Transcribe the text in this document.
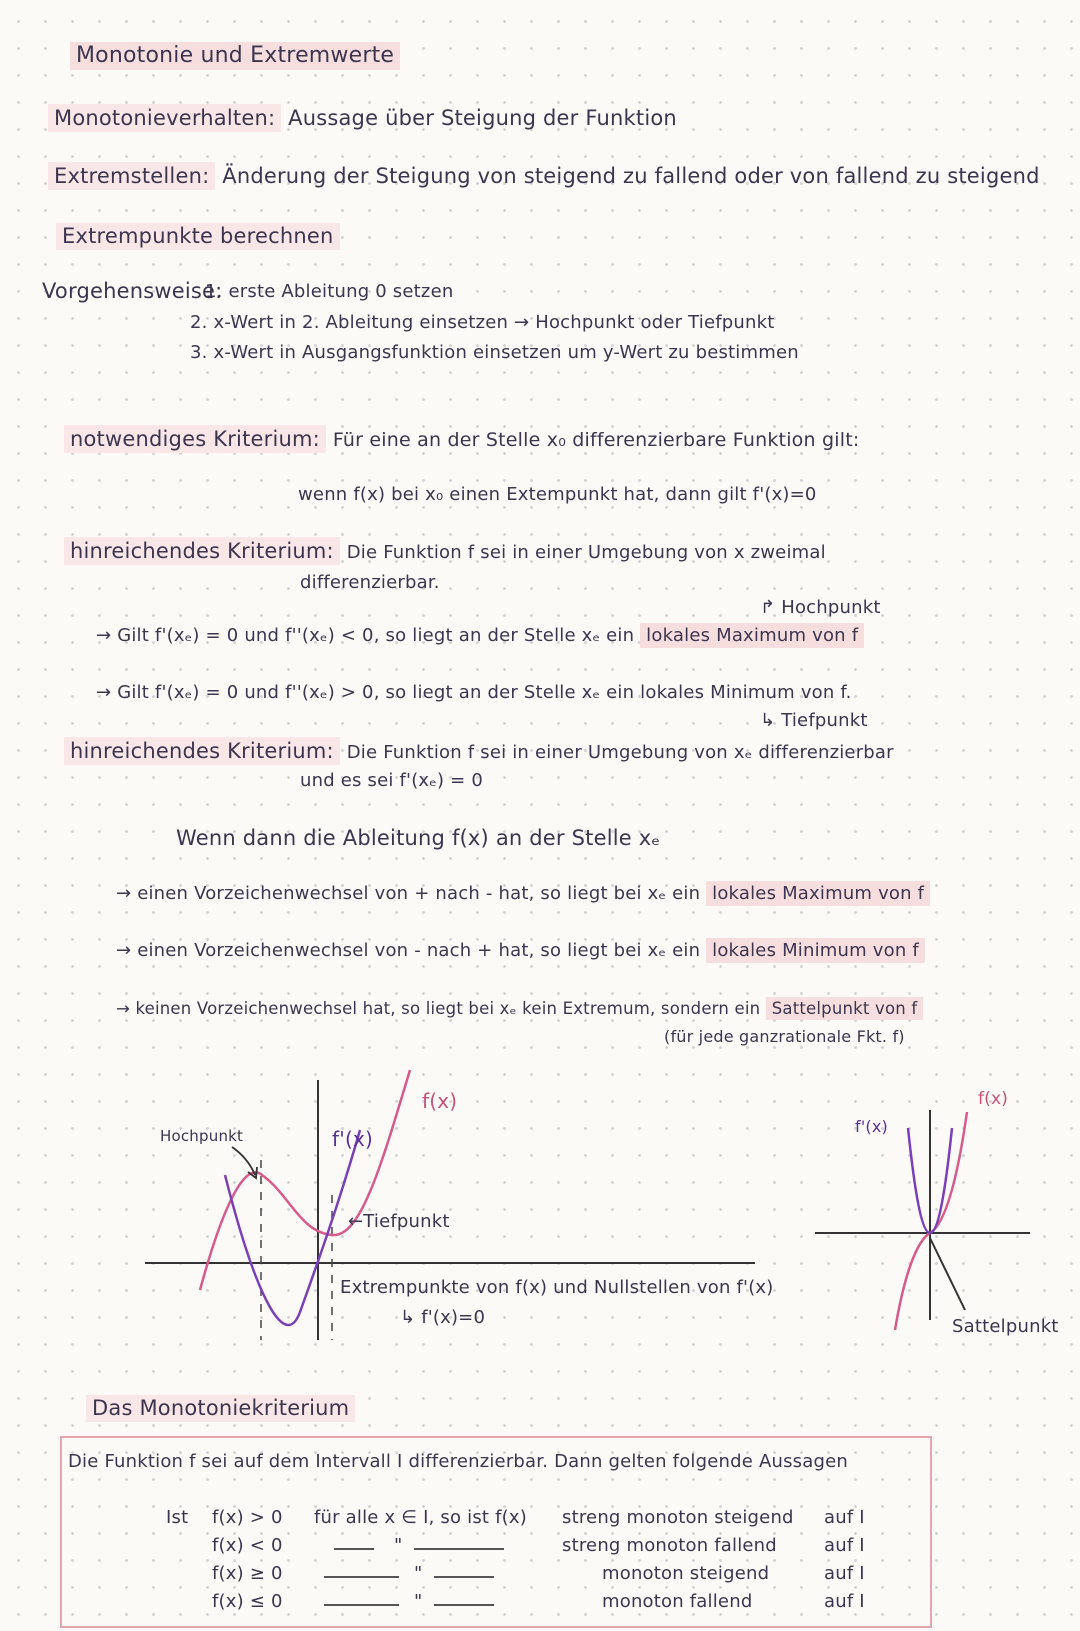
Monotonie und Extremwerte
Monotonieverhalten: Aussage über Steigung der Funktion
Extremstellen: Änderung der Steigung von steigend zu fallend oder von fallend zu steigend
Extrempunkte berechnen
Vorgehensweise:
1. erste Ableitung 0 setzen
2. x-Wert in 2. Ableitung einsetzen → Hochpunkt oder Tiefpunkt
3. x-Wert in Ausgangsfunktion einsetzen um y-Wert zu bestimmen
notwendiges Kriterium: Für eine an der Stelle x₀ differenzierbare Funktion gilt:
wenn f(x) bei x₀ einen Extempunkt hat, dann gilt f'(x)=0
hinreichendes Kriterium: Die Funktion f sei in einer Umgebung von x zweimal
differenzierbar.
↱ Hochpunkt
→ Gilt f'(xₑ) = 0 und f''(xₑ) < 0, so liegt an der Stelle xₑ ein lokales Maximum von f
→ Gilt f'(xₑ) = 0 und f''(xₑ) > 0, so liegt an der Stelle xₑ ein lokales Minimum von f.
↳ Tiefpunkt
hinreichendes Kriterium: Die Funktion f sei in einer Umgebung von xₑ differenzierbar
und es sei f'(xₑ) = 0
Wenn dann die Ableitung f(x) an der Stelle xₑ
→ einen Vorzeichenwechsel von + nach - hat, so liegt bei xₑ ein lokales Maximum von f
→ einen Vorzeichenwechsel von - nach + hat, so liegt bei xₑ ein lokales Minimum von f
→ keinen Vorzeichenwechsel hat, so liegt bei xₑ kein Extremum, sondern ein Sattelpunkt von f
(für jede ganzrationale Fkt. f)
f(x)
f'(x)
Hochpunkt
←Tiefpunkt
Extrempunkte von f(x) und Nullstellen von f'(x)
↳ f'(x)=0
f(x)
f'(x)
Sattelpunkt
Das Monotoniekriterium
Die Funktion f sei auf dem Intervall I differenzierbar. Dann gelten folgende Aussagen
Ist f(x) > 0 für alle x ∈ I, so ist f(x) streng monoton steigend auf I
f(x) < 0	"	streng monoton fallend	auf I
f(x) ≥ 0	"	monoton steigend	auf I
f(x) ≤ 0	"	monoton fallend	auf I
